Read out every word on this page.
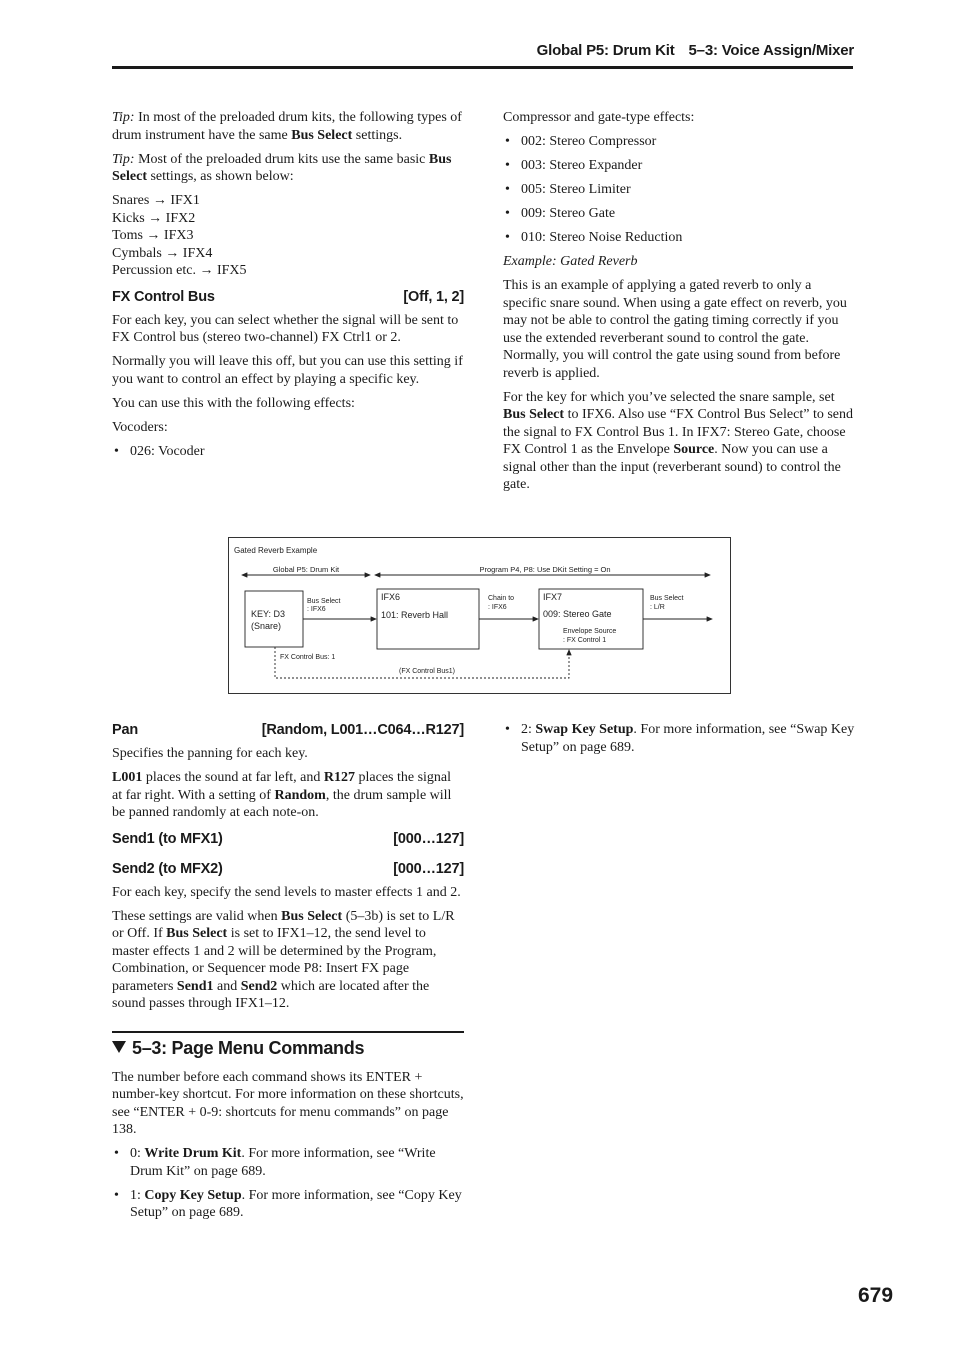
Global P5: Drum Kit 5–3: Voice Assign/Mixer

Tip: In most of the preloaded drum kits, the following types of drum instrument have the same Bus Select settings.

Tip: Most of the preloaded drum kits use the same basic Bus Select settings, as shown below:

Snares → IFX1
Kicks → IFX2
Toms → IFX3
Cymbals → IFX4
Percussion etc. → IFX5
FX Control Bus	[Off, 1, 2]

For each key, you can select whether the signal will be sent to FX Control bus (stereo two-channel) FX Ctrl1 or 2.

Normally you will leave this off, but you can use this setting if you want to control an effect by playing a specific key.

You can use this with the following effects:

Vocoders:

• 026: Vocoder

Compressor and gate-type effects:

• 002: Stereo Compressor
• 003: Stereo Expander
• 005: Stereo Limiter
• 009: Stereo Gate
• 010: Stereo Noise Reduction

Example: Gated Reverb

This is an example of applying a gated reverb to only a specific snare sound. When using a gate effect on reverb, you may not be able to control the gating timing correctly if you use the extended reverberant sound to control the gate. Normally, you will control the gate using sound from before reverb is applied.

For the key for which you’ve selected the snare sample, set Bus Select to IFX6. Also use “FX Control Bus Select” to send the signal to FX Control Bus 1. In IFX7: Stereo Gate, choose FX Control 1 as the Envelope Source. Now you can use a signal other than the input (reverberant sound) to control the gate.

Gated Reverb Example
Global P5: Drum Kit	Program P4, P8: Use DKit Setting = On
KEY: D3
(Snare)
Bus Select
: IFX6
IFX6
101: Reverb Hall
Chain to
: IFX6
IFX7
009: Stereo Gate
Envelope Source
: FX Control 1
Bus Select
: L/R
FX Control Bus: 1
(FX Control Bus1)
Pan	[Random, L001…C064…R127]

Specifies the panning for each key.

L001 places the sound at far left, and R127 places the signal at far right. With a setting of Random, the drum sample will be panned randomly at each note-on.

Send1 (to MFX1)	[000…127]
Send2 (to MFX2)	[000…127]

For each key, specify the send levels to master effects 1 and 2.

These settings are valid when Bus Select (5–3b) is set to L/R or Off. If Bus Select is set to IFX1–12, the send level to master effects 1 and 2 will be determined by the Program, Combination, or Sequencer mode P8: Insert FX page parameters Send1 and Send2 which are located after the sound passes through IFX1–12.

5–3: Page Menu Commands

The number before each command shows its ENTER + number-key shortcut. For more information on these shortcuts, see “ENTER + 0-9: shortcuts for menu commands” on page 138.

• 0: Write Drum Kit. For more information, see “Write Drum Kit” on page 689.
• 1: Copy Key Setup. For more information, see “Copy Key Setup” on page 689.
• 2: Swap Key Setup. For more information, see “Swap Key Setup” on page 689.
679
